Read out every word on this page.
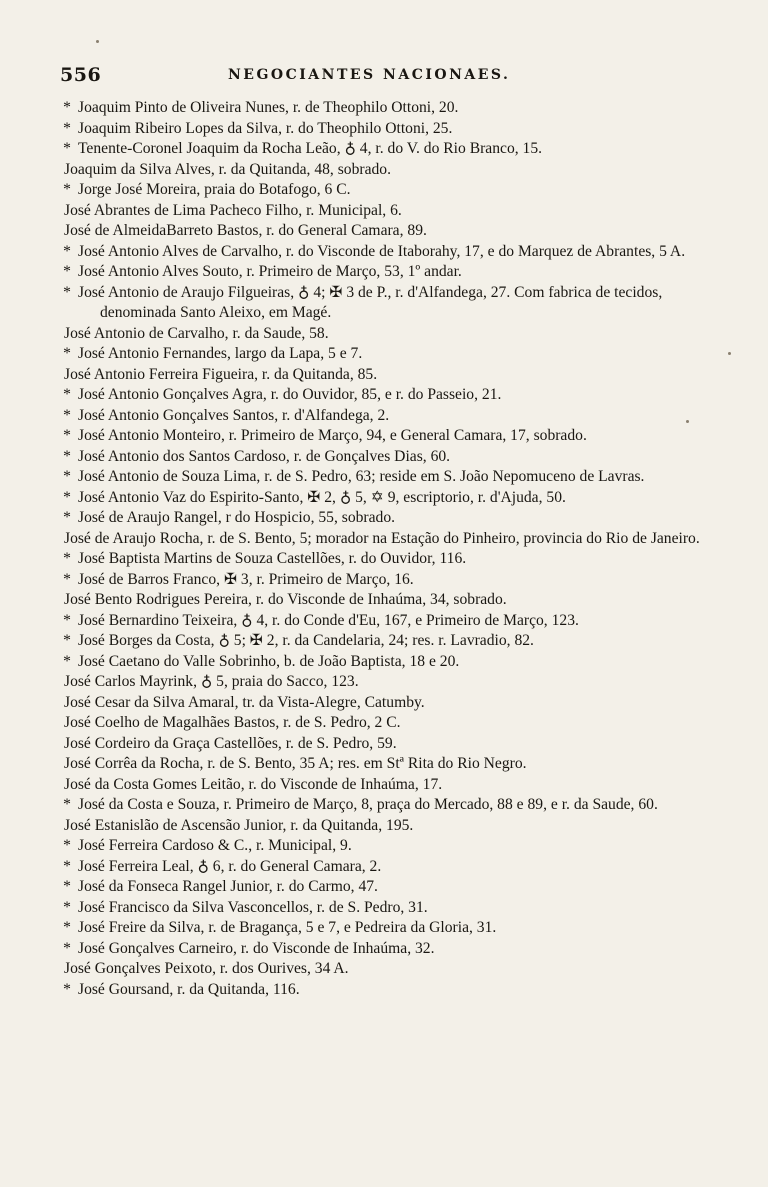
556	NEGOCIANTES NACIONAES.
* Joaquim Pinto de Oliveira Nunes, r. de Theophilo Ottoni, 20.
* Joaquim Ribeiro Lopes da Silva, r. do Theophilo Ottoni, 25.
* Tenente-Coronel Joaquim da Rocha Leão, ♁ 4, r. do V. do Rio Branco, 15.
Joaquim da Silva Alves, r. da Quitanda, 48, sobrado.
* Jorge José Moreira, praia do Botafogo, 6 C.
José Abrantes de Lima Pacheco Filho, r. Municipal, 6.
José de AlmeidaBarreto Bastos, r. do General Camara, 89.
* José Antonio Alves de Carvalho, r. do Visconde de Itaborahy, 17, e do Marquez de Abrantes, 5 A.
* José Antonio Alves Souto, r. Primeiro de Março, 53, 1º andar.
* José Antonio de Araujo Filgueiras, ♁ 4; ✠ 3 de P., r. d'Alfandega, 27. Com fabrica de tecidos, denominada Santo Aleixo, em Magé.
José Antonio de Carvalho, r. da Saude, 58.
* José Antonio Fernandes, largo da Lapa, 5 e 7.
José Antonio Ferreira Figueira, r. da Quitanda, 85.
* José Antonio Gonçalves Agra, r. do Ouvidor, 85, e r. do Passeio, 21.
* José Antonio Gonçalves Santos, r. d'Alfandega, 2.
* José Antonio Monteiro, r. Primeiro de Março, 94, e General Camara, 17, sobrado.
* José Antonio dos Santos Cardoso, r. de Gonçalves Dias, 60.
* José Antonio de Souza Lima, r. de S. Pedro, 63; reside em S. João Nepomuceno de Lavras.
* José Antonio Vaz do Espirito-Santo, ✠ 2, ♁ 5, ✡ 9, escriptorio, r. d'Ajuda, 50.
* José de Araujo Rangel, r do Hospicio, 55, sobrado.
José de Araujo Rocha, r. de S. Bento, 5; morador na Estação do Pinheiro, provincia do Rio de Janeiro.
* José Baptista Martins de Souza Castellões, r. do Ouvidor, 116.
* José de Barros Franco, ✠ 3, r. Primeiro de Março, 16.
José Bento Rodrigues Pereira, r. do Visconde de Inhaúma, 34, sobrado.
* José Bernardino Teixeira, ♁ 4, r. do Conde d'Eu, 167, e Primeiro de Março, 123.
* José Borges da Costa, ♁ 5; ✠ 2, r. da Candelaria, 24; res. r. Lavradio, 82.
* José Caetano do Valle Sobrinho, b. de João Baptista, 18 e 20.
José Carlos Mayrink, ♁ 5, praia do Sacco, 123.
José Cesar da Silva Amaral, tr. da Vista-Alegre, Catumby.
José Coelho de Magalhães Bastos, r. de S. Pedro, 2 C.
José Cordeiro da Graça Castellões, r. de S. Pedro, 59.
José Corrêa da Rocha, r. de S. Bento, 35 A; res. em Stª Rita do Rio Negro.
José da Costa Gomes Leitão, r. do Visconde de Inhaúma, 17.
* José da Costa e Souza, r. Primeiro de Março, 8, praça do Mercado, 88 e 89, e r. da Saude, 60.
José Estanislão de Ascensão Junior, r. da Quitanda, 195.
* José Ferreira Cardoso & C., r. Municipal, 9.
* José Ferreira Leal, ♁ 6, r. do General Camara, 2.
* José da Fonseca Rangel Junior, r. do Carmo, 47.
* José Francisco da Silva Vasconcellos, r. de S. Pedro, 31.
* José Freire da Silva, r. de Bragança, 5 e 7, e Pedreira da Gloria, 31.
* José Gonçalves Carneiro, r. do Visconde de Inhaúma, 32.
José Gonçalves Peixoto, r. dos Ourives, 34 A.
* José Goursand, r. da Quitanda, 116.
